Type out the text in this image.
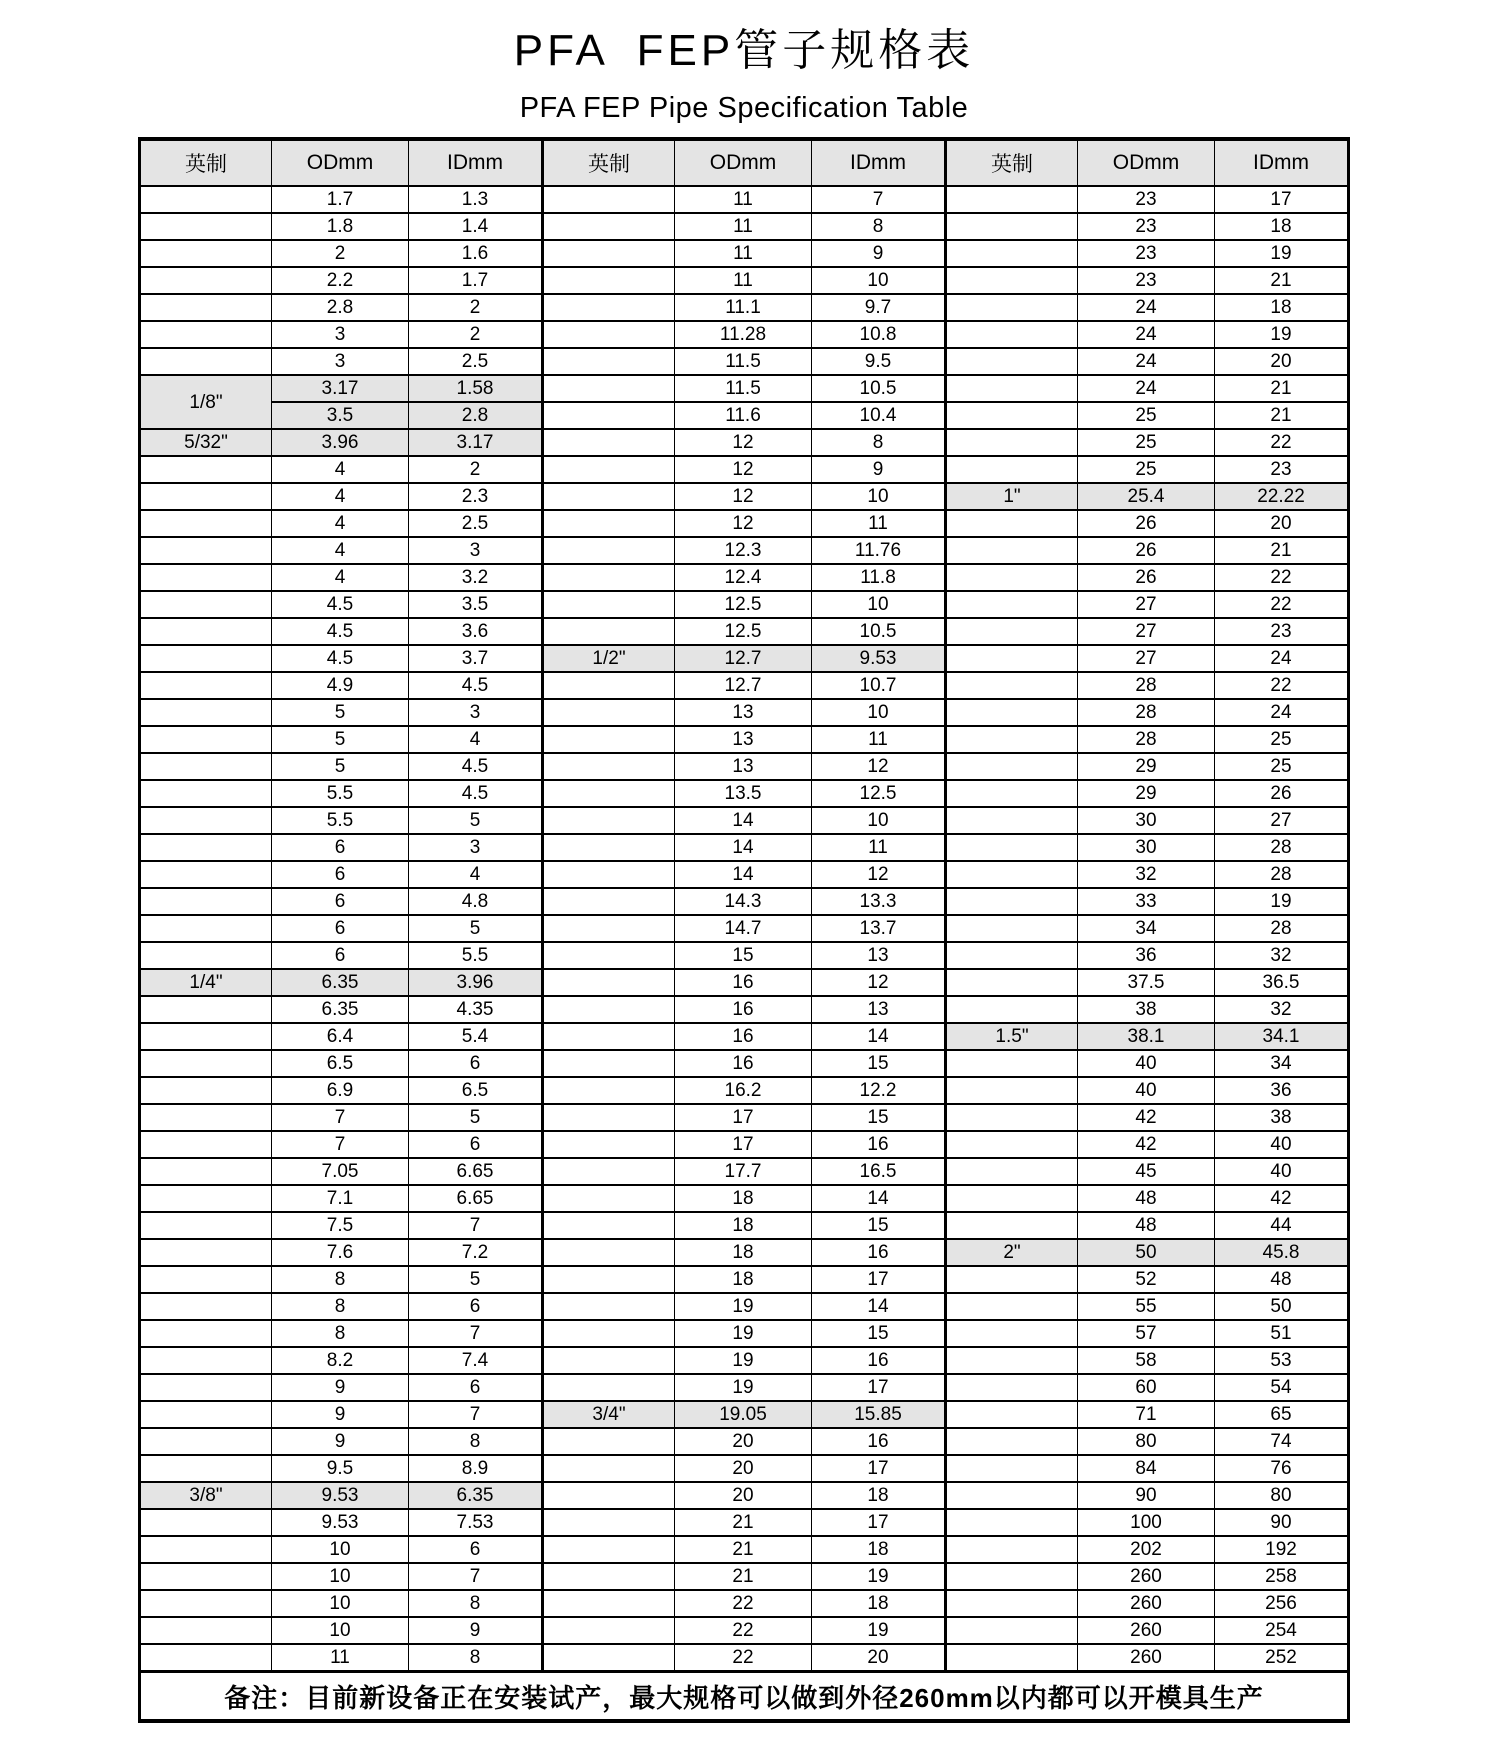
PFA FEP管子规格表
PFA FEP Pipe Specification Table
英制	ODmm	IDmm	英制	ODmm	IDmm	英制	ODmm	IDmm
	1.7	1.3		11	7		23	17
	1.8	1.4		11	8		23	18
	2	1.6		11	9		23	19
	2.2	1.7		11	10		23	21
	2.8	2		11.1	9.7		24	18
	3	2		11.28	10.8		24	19
	3	2.5		11.5	9.5		24	20
1/8"	3.17	1.58		11.5	10.5		24	21
	3.5	2.8		11.6	10.4		25	21
5/32"	3.96	3.17		12	8		25	22
	4	2		12	9		25	23
	4	2.3		12	10	1"	25.4	22.22
	4	2.5		12	11		26	20
	4	3		12.3	11.76		26	21
	4	3.2		12.4	11.8		26	22
	4.5	3.5		12.5	10		27	22
	4.5	3.6		12.5	10.5		27	23
	4.5	3.7	1/2"	12.7	9.53		27	24
	4.9	4.5		12.7	10.7		28	22
	5	3		13	10		28	24
	5	4		13	11		28	25
	5	4.5		13	12		29	25
	5.5	4.5		13.5	12.5		29	26
	5.5	5		14	10		30	27
	6	3		14	11		30	28
	6	4		14	12		32	28
	6	4.8		14.3	13.3		33	19
	6	5		14.7	13.7		34	28
	6	5.5		15	13		36	32
1/4"	6.35	3.96		16	12		37.5	36.5
	6.35	4.35		16	13		38	32
	6.4	5.4		16	14	1.5"	38.1	34.1
	6.5	6		16	15		40	34
	6.9	6.5		16.2	12.2		40	36
	7	5		17	15		42	38
	7	6		17	16		42	40
	7.05	6.65		17.7	16.5		45	40
	7.1	6.65		18	14		48	42
	7.5	7		18	15		48	44
	7.6	7.2		18	16	2"	50	45.8
	8	5		18	17		52	48
	8	6		19	14		55	50
	8	7		19	15		57	51
	8.2	7.4		19	16		58	53
	9	6		19	17		60	54
	9	7	3/4"	19.05	15.85		71	65
	9	8		20	16		80	74
	9.5	8.9		20	17		84	76
3/8"	9.53	6.35		20	18		90	80
	9.53	7.53		21	17		100	90
	10	6		21	18		202	192
	10	7		21	19		260	258
	10	8		22	18		260	256
	10	9		22	19		260	254
	11	8		22	20		260	252
备注：目前新设备正在安装试产，最大规格可以做到外径260mm以内都可以开模具生产								
